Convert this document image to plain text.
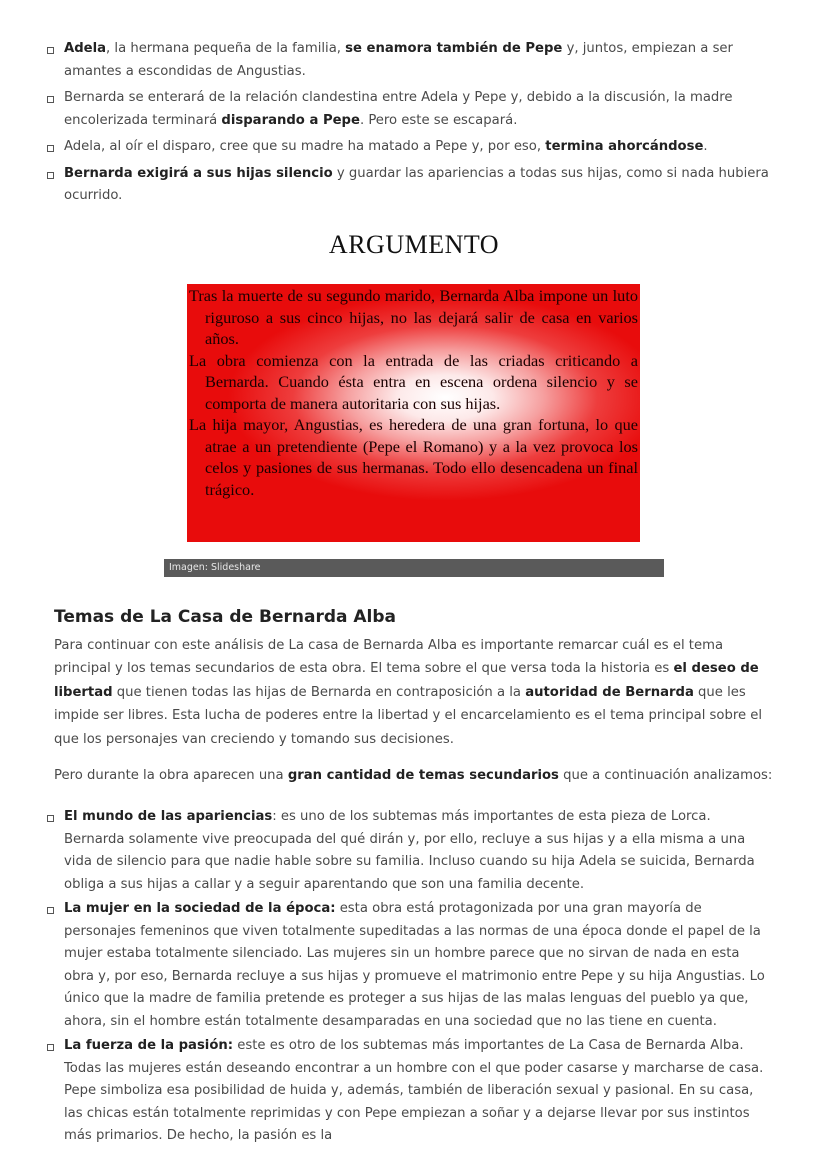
Adela, la hermana pequeña de la familia, se enamora también de Pepe y, juntos, empiezan a ser amantes a escondidas de Angustias.
Bernarda se enterará de la relación clandestina entre Adela y Pepe y, debido a la discusión, la madre encolerizada terminará disparando a Pepe. Pero este se escapará.
Adela, al oír el disparo, cree que su madre ha matado a Pepe y, por eso, termina ahorcándose.
Bernarda exigirá a sus hijas silencio y guardar las apariencias a todas sus hijas, como si nada hubiera ocurrido.
ARGUMENTO

Tras la muerte de su segundo marido, Bernarda Alba impone un luto riguroso a sus cinco hijas, no las dejará salir de casa en varios años.

La obra comienza con la entrada de las criadas criticando a Bernarda. Cuando ésta entra en escena ordena silencio y se comporta de manera autoritaria con sus hijas.

La hija mayor, Angustias, es heredera de una gran fortuna, lo que atrae a un pretendiente (Pepe el Romano) y a la vez provoca los celos y pasiones de sus hermanas. Todo ello desencadena un final trágico.

Imagen: Slideshare
Temas de La Casa de Bernarda Alba

Para continuar con este análisis de La casa de Bernarda Alba es importante remarcar cuál es el tema principal y los temas secundarios de esta obra. El tema sobre el que versa toda la historia es el deseo de libertad que tienen todas las hijas de Bernarda en contraposición a la autoridad de Bernarda que les impide ser libres. Esta lucha de poderes entre la libertad y el encarcelamiento es el tema principal sobre el que los personajes van creciendo y tomando sus decisiones.

Pero durante la obra aparecen una gran cantidad de temas secundarios que a continuación analizamos:

El mundo de las apariencias: es uno de los subtemas más importantes de esta pieza de Lorca. Bernarda solamente vive preocupada del qué dirán y, por ello, recluye a sus hijas y a ella misma a una vida de silencio para que nadie hable sobre su familia. Incluso cuando su hija Adela se suicida, Bernarda obliga a sus hijas a callar y a seguir aparentando que son una familia decente.
La mujer en la sociedad de la época: esta obra está protagonizada por una gran mayoría de personajes femeninos que viven totalmente supeditadas a las normas de una época donde el papel de la mujer estaba totalmente silenciado. Las mujeres sin un hombre parece que no sirvan de nada en esta obra y, por eso, Bernarda recluye a sus hijas y promueve el matrimonio entre Pepe y su hija Angustias. Lo único que la madre de familia pretende es proteger a sus hijas de las malas lenguas del pueblo ya que, ahora, sin el hombre están totalmente desamparadas en una sociedad que no las tiene en cuenta.
La fuerza de la pasión: este es otro de los subtemas más importantes de La Casa de Bernarda Alba. Todas las mujeres están deseando encontrar a un hombre con el que poder casarse y marcharse de casa. Pepe simboliza esa posibilidad de huida y, además, también de liberación sexual y pasional. En su casa, las chicas están totalmente reprimidas y con Pepe empiezan a soñar y a dejarse llevar por sus instintos más primarios. De hecho, la pasión es la
